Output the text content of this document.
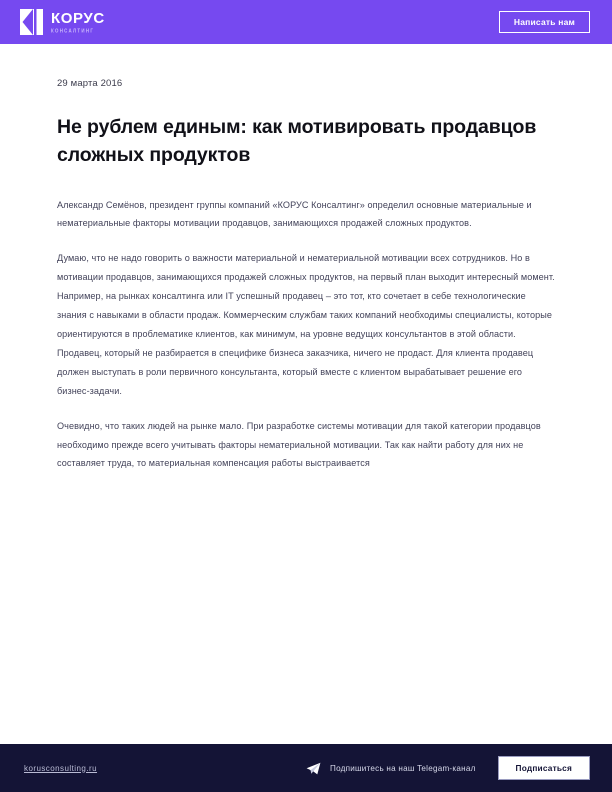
КОРУС
КОНСАЛТИНГ
Написать нам
29 марта 2016
Не рублем единым: как мотивировать продавцов сложных продуктов

Александр Семёнов, президент группы компаний «КОРУС Консалтинг» определил основные материальные и нематериальные факторы мотивации продавцов, занимающихся продажей сложных продуктов.

Думаю, что не надо говорить о важности материальной и нематериальной мотивации всех сотрудников. Но в мотивации продавцов, занимающихся продажей сложных продуктов, на первый план выходит интересный момент. Например, на рынках консалтинга или IT успешный продавец – это тот, кто сочетает в себе технологические знания с навыками в области продаж. Коммерческим службам таких компаний необходимы специалисты, которые ориентируются в проблематике клиентов, как минимум, на уровне ведущих консультантов в этой области. Продавец, который не разбирается в специфике бизнеса заказчика, ничего не продаст. Для клиента продавец должен выступать в роли первичного консультанта, который вместе с клиентом вырабатывает решение его бизнес-задачи.

Очевидно, что таких людей на рынке мало. При разработке системы мотивации для такой категории продавцов необходимо прежде всего учитывать факторы нематериальной мотивации. Так как найти работу для них не составляет труда, то материальная компенсация работы выстраивается

korusconsulting.ru	Подпишитесь на наш Telegam-канал	Подписаться
